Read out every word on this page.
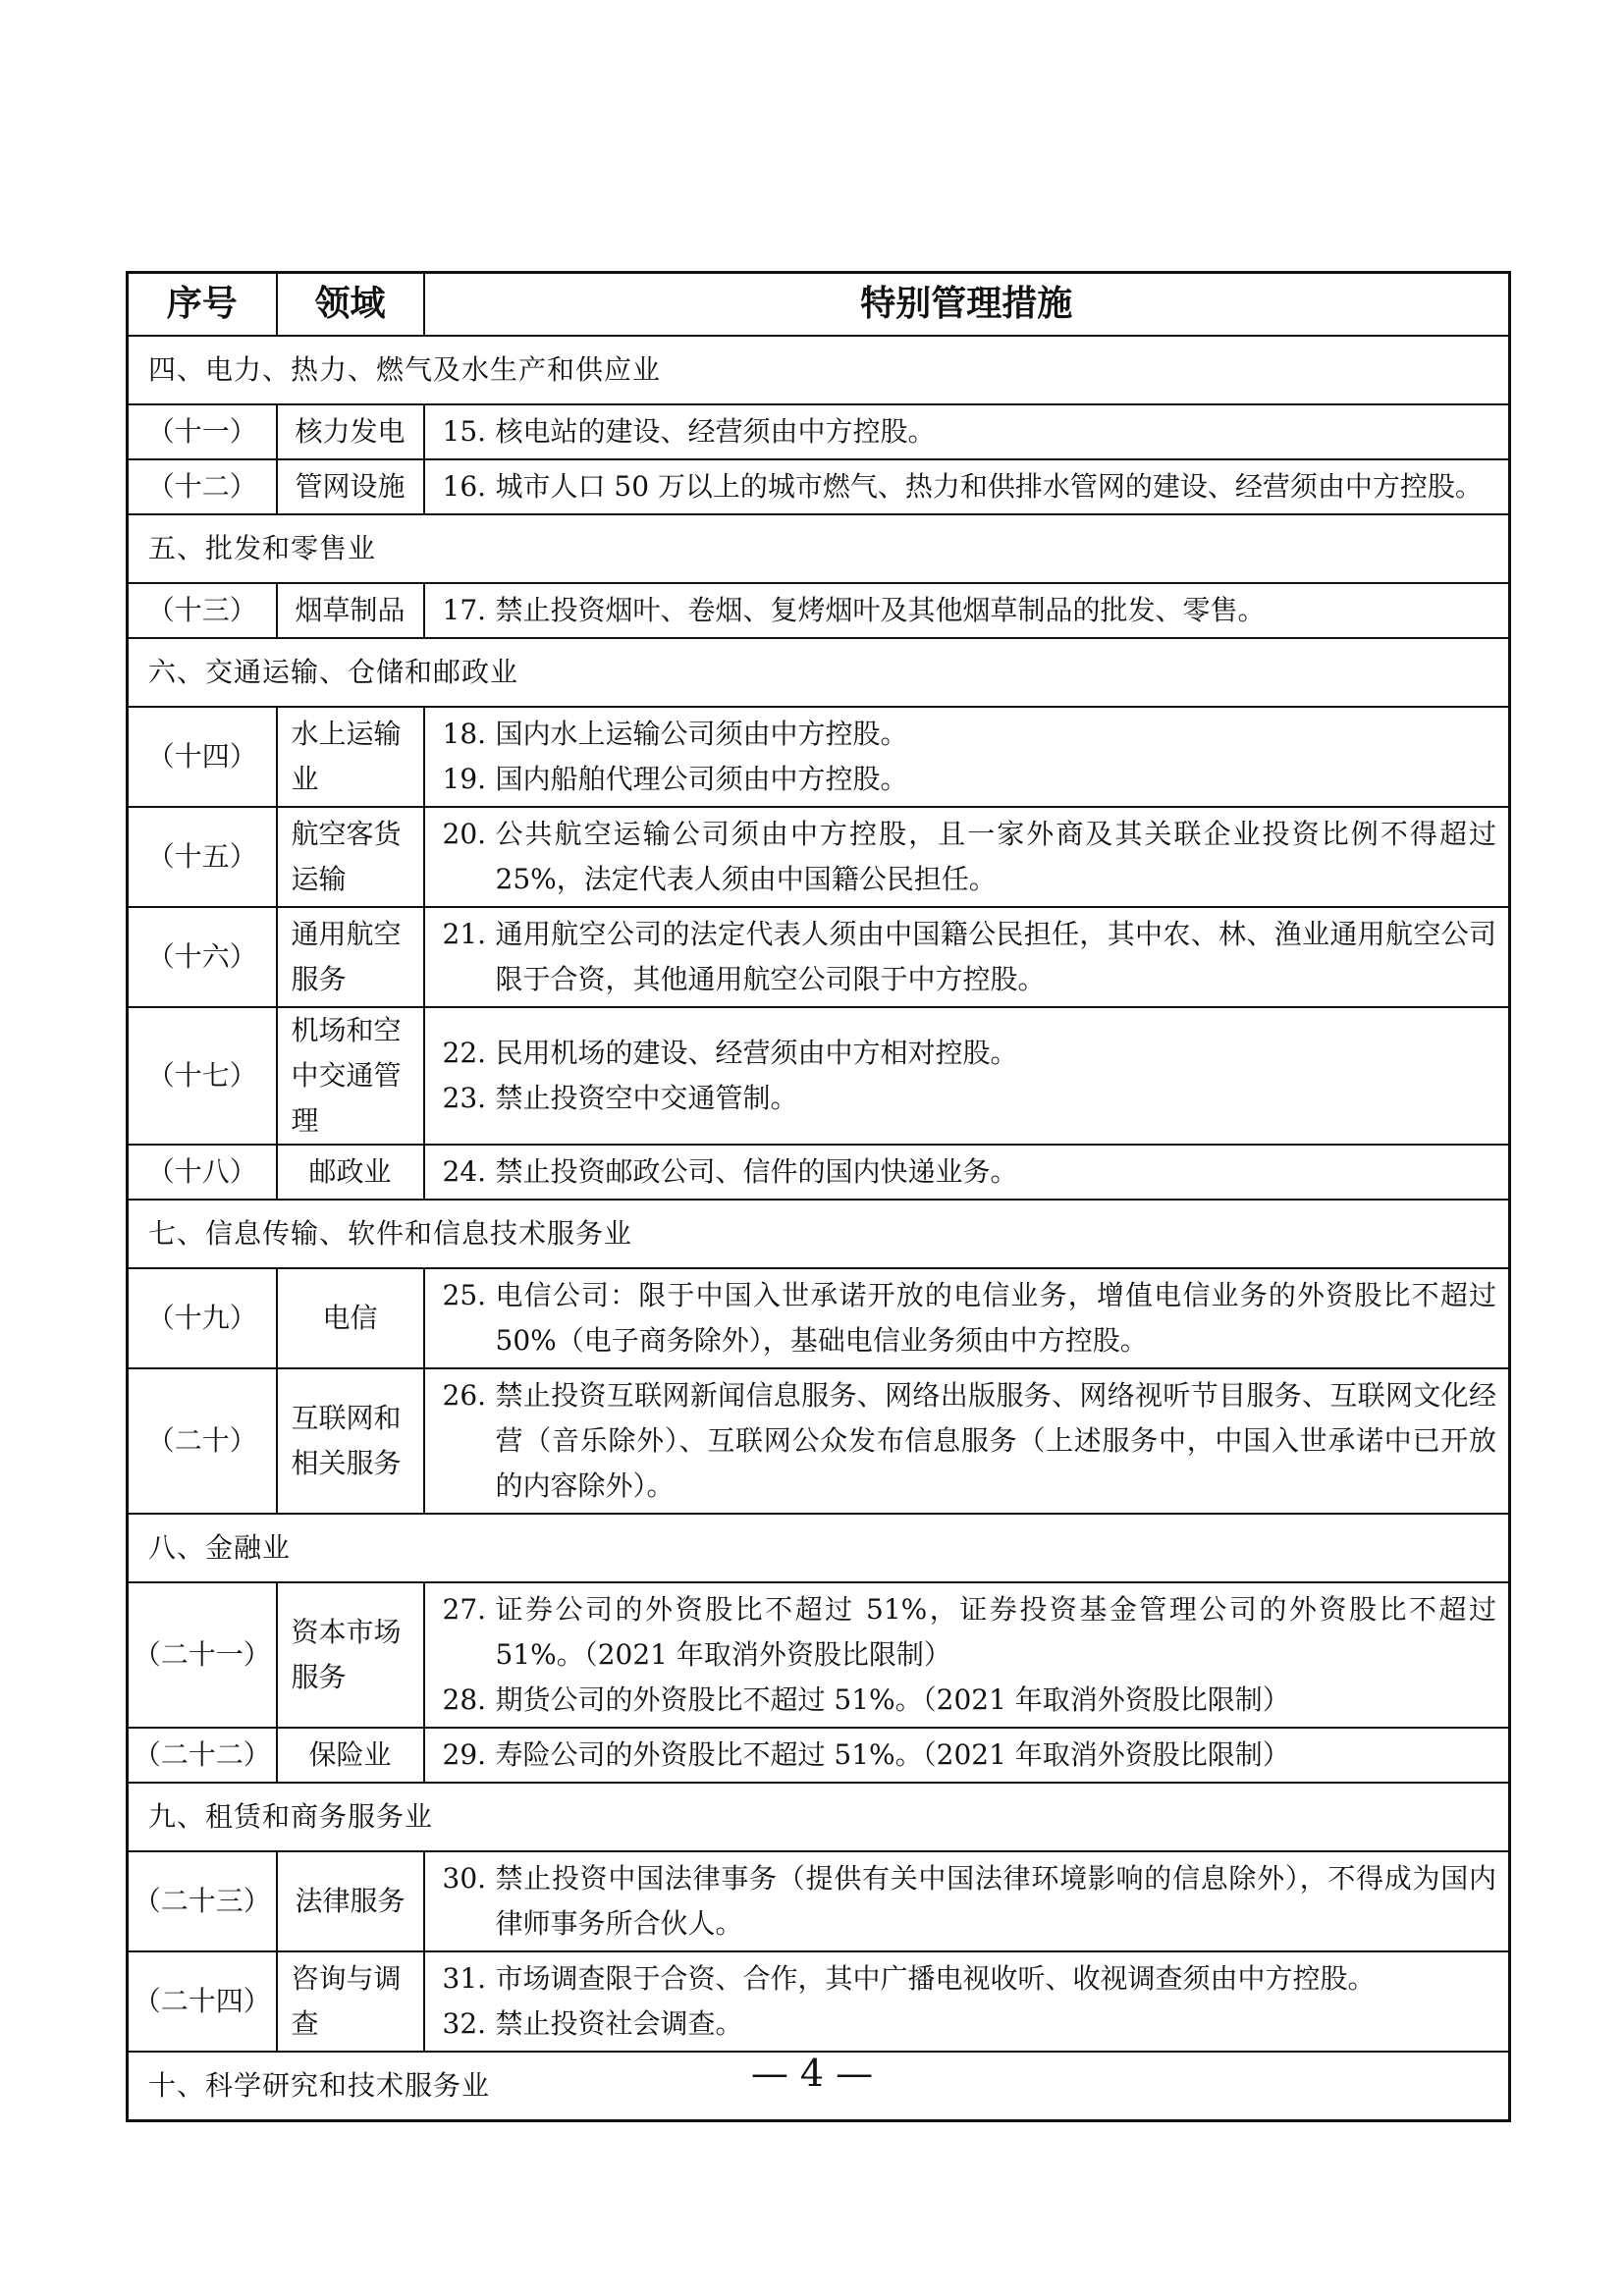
序号	领域	特别管理措施
四、电力、热力、燃气及水生产和供应业		
（十一）	核力发电	15. 核电站的建设、经营须由中方控股。

（十二）	管网设施	16. 城市人口 50 万以上的城市燃气、热力和供排水管网的建设、经营须由中方控股。

五、批发和零售业		
（十三）	烟草制品	17. 禁止投资烟叶、卷烟、复烤烟叶及其他烟草制品的批发、零售。

六、交通运输、仓储和邮政业		
（十四）	水上运输业	18. 国内水上运输公司须由中方控股。
19. 国内船舶代理公司须由中方控股。

（十五）	航空客货运输	20. 公共航空运输公司须由中方控股，且一家外商及其关联企业投资比例不得超过 25%，法定代表人须由中国籍公民担任。

（十六）	通用航空服务	21. 通用航空公司的法定代表人须由中国籍公民担任，其中农、林、渔业通用航空公司限于合资，其他通用航空公司限于中方控股。

（十七）	机场和空中交通管理	22. 民用机场的建设、经营须由中方相对控股。
23. 禁止投资空中交通管制。

（十八）	邮政业	24. 禁止投资邮政公司、信件的国内快递业务。

七、信息传输、软件和信息技术服务业		
（十九）	电信	25. 电信公司：限于中国入世承诺开放的电信业务，增值电信业务的外资股比不超过 50%（电子商务除外），基础电信业务须由中方控股。

（二十）	互联网和相关服务	26. 禁止投资互联网新闻信息服务、网络出版服务、网络视听节目服务、互联网文化经营（音乐除外）、互联网公众发布信息服务（上述服务中，中国入世承诺中已开放的内容除外）。

八、金融业		
（二十一）	资本市场服务	27. 证券公司的外资股比不超过 51%，证券投资基金管理公司的外资股比不超过 51%。（2021 年取消外资股比限制）
28. 期货公司的外资股比不超过 51%。（2021 年取消外资股比限制）

（二十二）	保险业	29. 寿险公司的外资股比不超过 51%。（2021 年取消外资股比限制）

九、租赁和商务服务业		
（二十三）	法律服务	30. 禁止投资中国法律事务（提供有关中国法律环境影响的信息除外），不得成为国内律师事务所合伙人。

（二十四）	咨询与调查	31. 市场调查限于合资、合作，其中广播电视收听、收视调查须由中方控股。
32. 禁止投资社会调查。

十、科学研究和技术服务业			— 4 —
